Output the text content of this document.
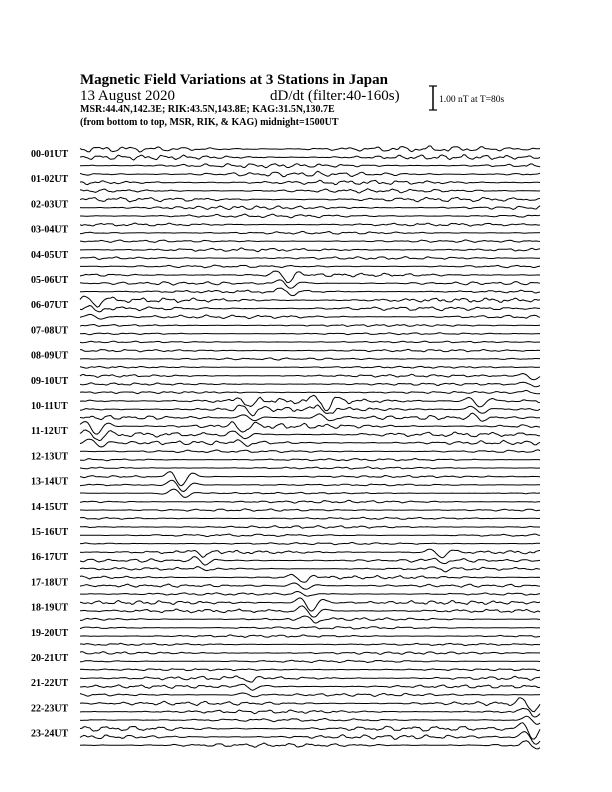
00-01UT
01-02UT
02-03UT
03-04UT
04-05UT
05-06UT
06-07UT
07-08UT
08-09UT
09-10UT
10-11UT
11-12UT
12-13UT
13-14UT
14-15UT
15-16UT
16-17UT
17-18UT
18-19UT
19-20UT
20-21UT
21-22UT
22-23UT
23-24UT
Magnetic Field Variations at 3 Stations in Japan
13 August 2020	dD/dt (filter:40-160s)
MSR:44.4N,142.3E; RIK:43.5N,143.8E; KAG:31.5N,130.7E
(from bottom to top, MSR, RIK, & KAG) midnight=1500UT
1.00 nT at T=80s
